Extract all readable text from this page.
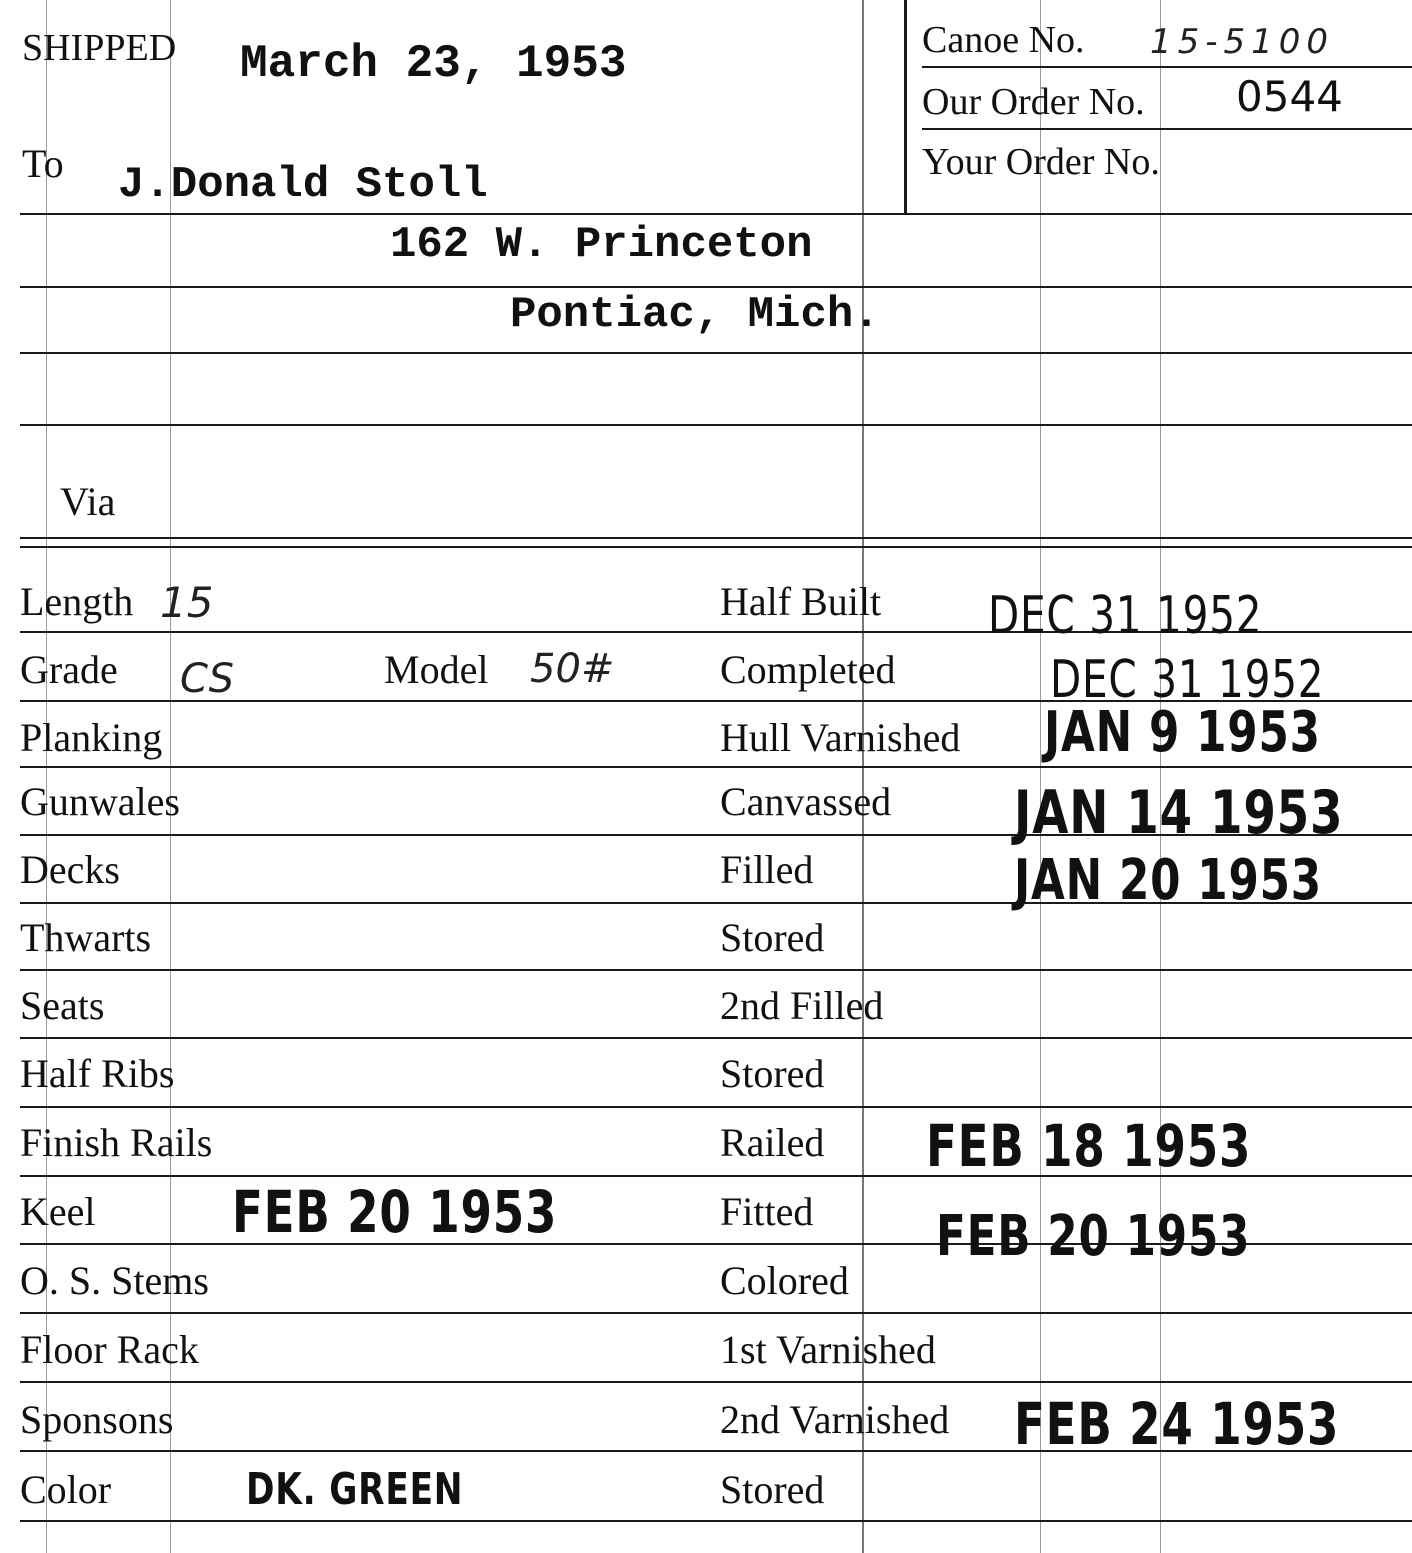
SHIPPED March 23, 1953
To J.Donald Stoll
162 W. Princeton
Pontiac, Mich.
Via
Canoe No. 15-5100
Our Order No. 0544
Your Order No.
Length
Grade
Planking
Gunwales
Decks
Thwarts
Seats
Half Ribs
Finish Rails
Keel
O. S. Stems
Floor Rack
Sponsons
Color
15
CS	Model 50#
FEB 20 1953
DK. GREEN
Half Built
Completed
Hull Varnished
Canvassed
Filled
Stored
2nd Filled
Stored
Railed
Fitted
Colored
1st Varnished
2nd Varnished
Stored
DEC 31 1952
DEC 31 1952
JAN 9 1953
JAN 14 1953
JAN 20 1953
FEB 18 1953
FEB 20 1953
FEB 24 1953
